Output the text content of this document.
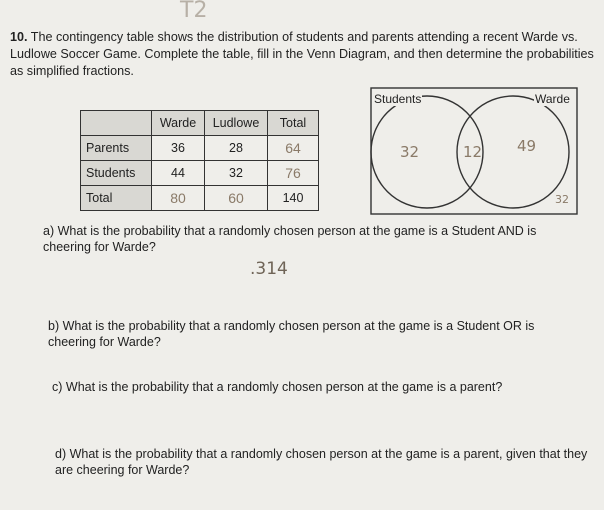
T2
10. The contingency table shows the distribution of students and parents attending a recent Warde vs. Ludlowe Soccer Game. Complete the table, fill in the Venn Diagram, and then determine the probabilities as simplified fractions.
	Warde	Ludlowe	Total
Parents	36	28	64
Students	44	32	76
Total	80	60	140
Students	Warde
32	12 49
32
a) What is the probability that a randomly chosen person at the game is a Student AND is cheering for Warde?
.314
b) What is the probability that a randomly chosen person at the game is a Student OR is cheering for Warde?
c) What is the probability that a randomly chosen person at the game is a parent?
d) What is the probability that a randomly chosen person at the game is a parent, given that they are cheering for Warde?
